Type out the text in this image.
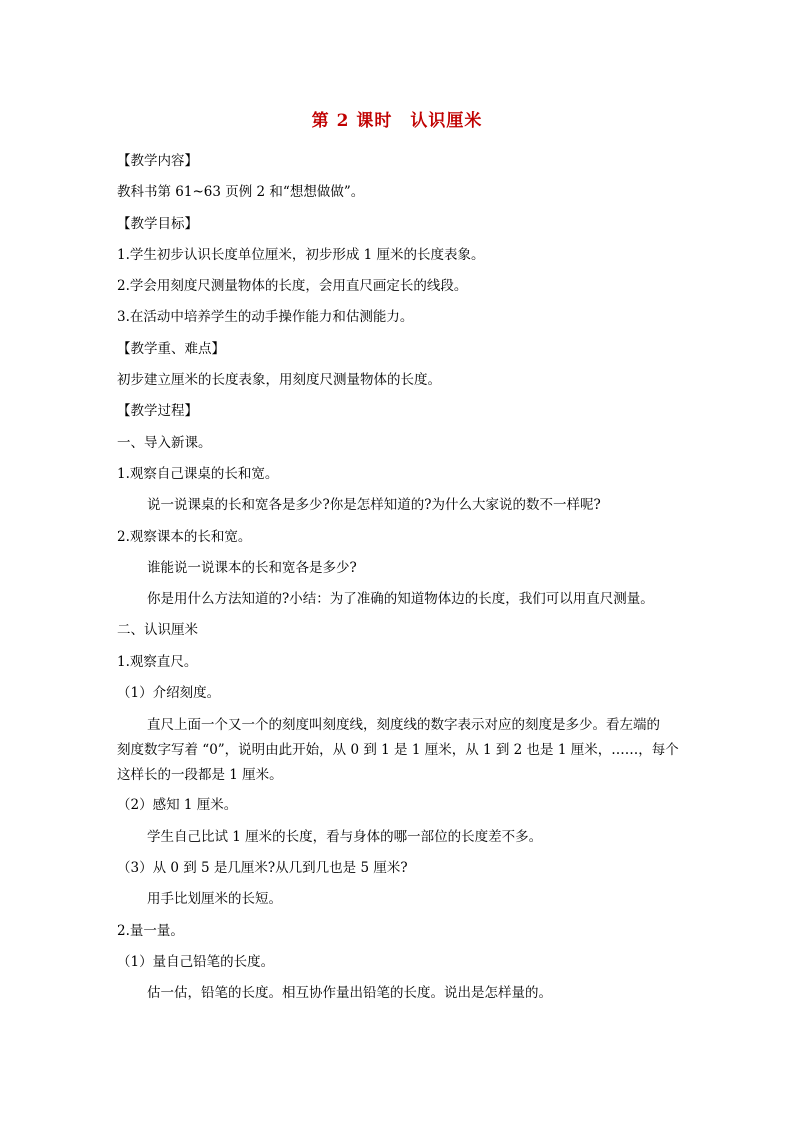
第 2 课时　认识厘米
【教学内容】
教科书第 61~63 页例 2 和“想想做做”。
【教学目标】
1.学生初步认识长度单位厘米，初步形成 1 厘米的长度表象。
2.学会用刻度尺测量物体的长度，会用直尺画定长的线段。
3.在活动中培养学生的动手操作能力和估测能力。
【教学重、难点】
初步建立厘米的长度表象，用刻度尺测量物体的长度。
【教学过程】
一、导入新课。
1.观察自己课桌的长和宽。
说一说课桌的长和宽各是多少?你是怎样知道的?为什么大家说的数不一样呢?
2.观察课本的长和宽。
谁能说一说课本的长和宽各是多少?
你是用什么方法知道的?小结：为了准确的知道物体边的长度，我们可以用直尺测量。
二、认识厘米
1.观察直尺。
（1）介绍刻度。
直尺上面一个又一个的刻度叫刻度线，刻度线的数字表示对应的刻度是多少。看左端的
刻度数字写着 “0”，说明由此开始，从 0 到 1 是 1 厘米，从 1 到 2 也是 1 厘米，……，每个
这样长的一段都是 1 厘米。
（2）感知 1 厘米。
学生自己比试 1 厘米的长度，看与身体的哪一部位的长度差不多。
（3）从 0 到 5 是几厘米?从几到几也是 5 厘米?
用手比划厘米的长短。
2.量一量。
（1）量自己铅笔的长度。
估一估，铅笔的长度。相互协作量出铅笔的长度。说出是怎样量的。
